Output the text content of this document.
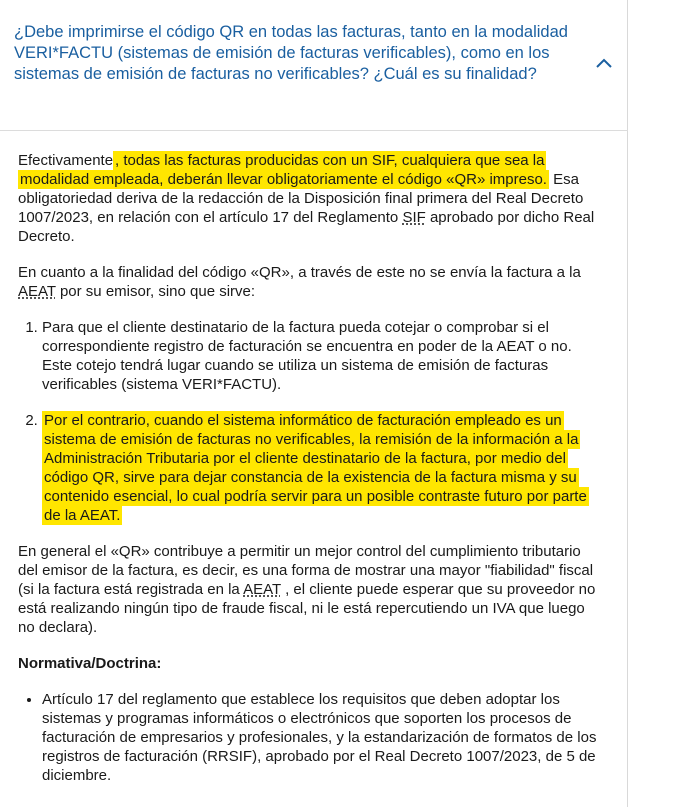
¿Debe imprimirse el código QR en todas las facturas, tanto en la modalidad VERI*FACTU (sistemas de emisión de facturas verificables), como en los sistemas de emisión de facturas no verificables? ¿Cuál es su finalidad?

Efectivamente , todas las facturas producidas con un SIF, cualquiera que sea la modalidad empleada, deberán llevar obligatoriamente el código «QR» impreso. Esa obligatoriedad deriva de la redacción de la Disposición final primera del Real Decreto 1007/2023, en relación con el artículo 17 del Reglamento SIF aprobado por dicho Real Decreto.

En cuanto a la finalidad del código «QR», a través de este no se envía la factura a la AEAT por su emisor, sino que sirve:

1. Para que el cliente destinatario de la factura pueda cotejar o comprobar si el correspondiente registro de facturación se encuentra en poder de la AEAT o no. Este cotejo tendrá lugar cuando se utiliza un sistema de emisión de facturas verificables (sistema VERI*FACTU).
2. Por el contrario, cuando el sistema informático de facturación empleado es un sistema de emisión de facturas no verificables, la remisión de la información a la Administración Tributaria por el cliente destinatario de la factura, por medio del código QR, sirve para dejar constancia de la existencia de la factura misma y su contenido esencial, lo cual podría servir para un posible contraste futuro por parte de la AEAT.

En general el «QR» contribuye a permitir un mejor control del cumplimiento tributario del emisor de la factura, es decir, es una forma de mostrar una mayor "fiabilidad" fiscal (si la factura está registrada en la AEAT , el cliente puede esperar que su proveedor no está realizando ningún tipo de fraude fiscal, ni le está repercutiendo un IVA que luego no declara).

Normativa/Doctrina:

• Artículo 17 del reglamento que establece los requisitos que deben adoptar los sistemas y programas informáticos o electrónicos que soporten los procesos de facturación de empresarios y profesionales, y la estandarización de formatos de los registros de facturación (RRSIF), aprobado por el Real Decreto 1007/2023, de 5 de diciembre.
